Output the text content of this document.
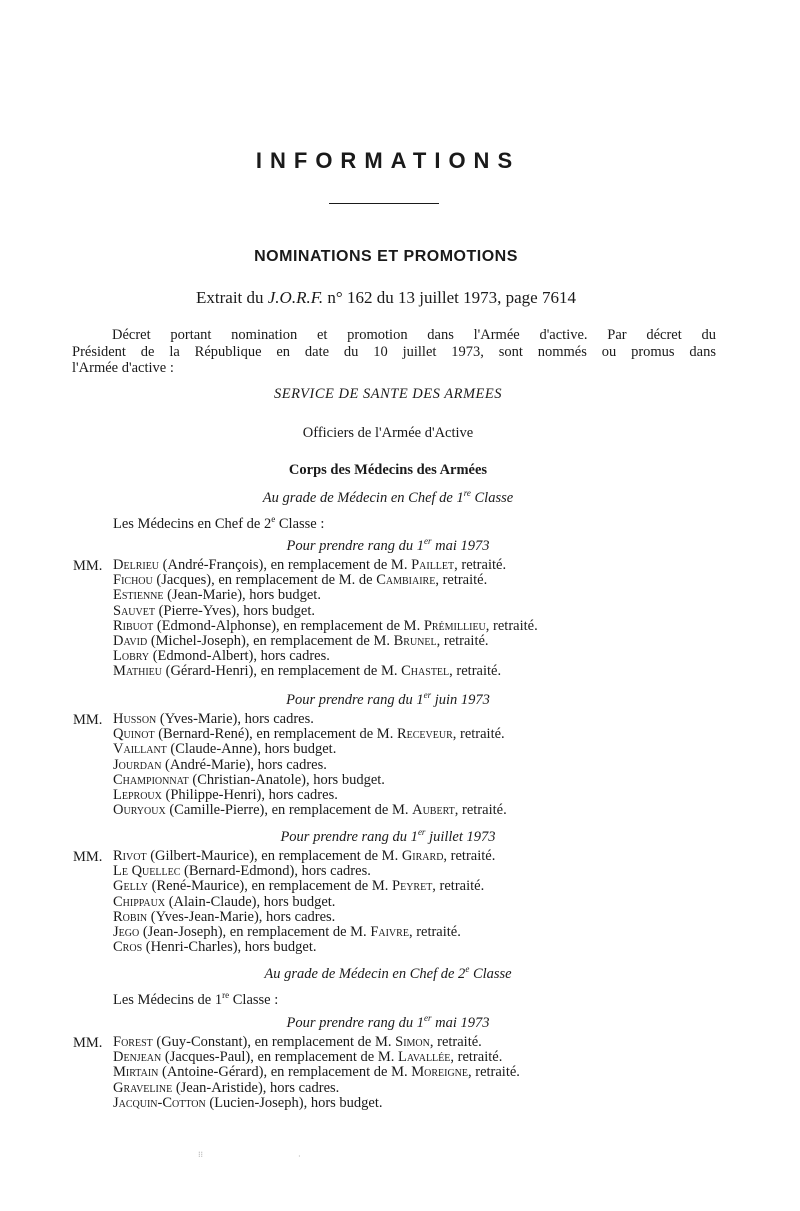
INFORMATIONS
NOMINATIONS ET PROMOTIONS
Extrait du J.O.R.F. n° 162 du 13 juillet 1973, page 7614
Décret portant nomination et promotion dans l'Armée d'active. Par décret du
Président de la République en date du 10 juillet 1973, sont nommés ou promus dans
l'Armée d'active :
SERVICE DE SANTE DES ARMEES
Officiers de l'Armée d'Active
Corps des Médecins des Armées
Au grade de Médecin en Chef de 1re Classe
Les Médecins en Chef de 2e Classe :
Pour prendre rang du 1er mai 1973
MM. Delrieu (André-François), en remplacement de M. Paillet, retraité.
Fichou (Jacques), en remplacement de M. de Cambiaire, retraité.
Estienne (Jean-Marie), hors budget.
Sauvet (Pierre-Yves), hors budget.
Ribuot (Edmond-Alphonse), en remplacement de M. Prémillieu, retraité.
David (Michel-Joseph), en remplacement de M. Brunel, retraité.
Lobry (Edmond-Albert), hors cadres.
Mathieu (Gérard-Henri), en remplacement de M. Chastel, retraité.
Pour prendre rang du 1er juin 1973
MM. Husson (Yves-Marie), hors cadres.
Quinot (Bernard-René), en remplacement de M. Receveur, retraité.
Vaillant (Claude-Anne), hors budget.
Jourdan (André-Marie), hors cadres.
Championnat (Christian-Anatole), hors budget.
Leproux (Philippe-Henri), hors cadres.
Ouryoux (Camille-Pierre), en remplacement de M. Aubert, retraité.
Pour prendre rang du 1er juillet 1973
MM. Rivot (Gilbert-Maurice), en remplacement de M. Girard, retraité.
Le Quellec (Bernard-Edmond), hors cadres.
Gelly (René-Maurice), en remplacement de M. Peyret, retraité.
Chippaux (Alain-Claude), hors budget.
Robin (Yves-Jean-Marie), hors cadres.
Jego (Jean-Joseph), en remplacement de M. Faivre, retraité.
Cros (Henri-Charles), hors budget.
Au grade de Médecin en Chef de 2e Classe
Les Médecins de 1re Classe :
Pour prendre rang du 1er mai 1973
MM. Forest (Guy-Constant), en remplacement de M. Simon, retraité.
Denjean (Jacques-Paul), en remplacement de M. Lavallée, retraité.
Mirtain (Antoine-Gérard), en remplacement de M. Moreigne, retraité.
Graveline (Jean-Aristide), hors cadres.
Jacquin-Cotton (Lucien-Joseph), hors budget.
⁝⁝	·
